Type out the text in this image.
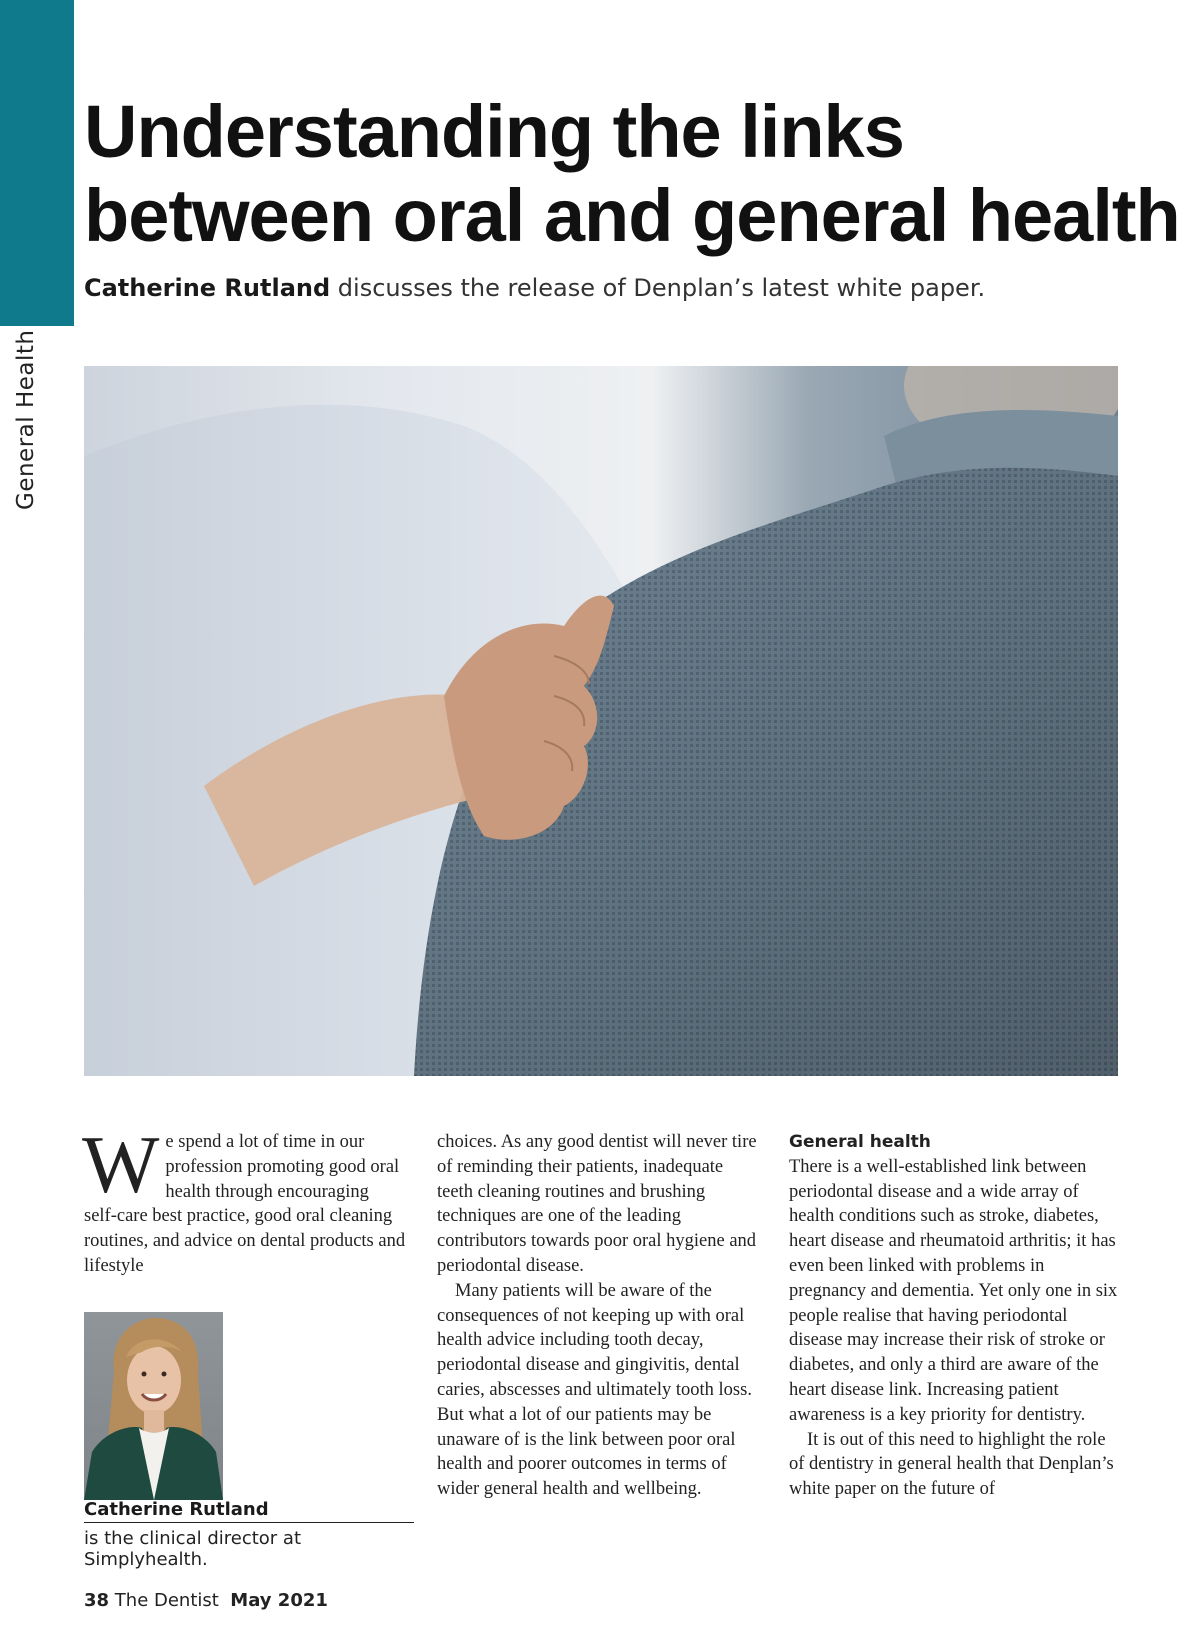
General Health
Understanding the links between oral and general health
Catherine Rutland discusses the release of Denplan’s latest white paper.

We spend a lot of time in our profession promoting good oral health through encouraging self-care best practice, good oral cleaning routines, and advice on dental products and lifestyle

Catherine Rutland
is the clinical director at Simplyhealth.

choices. As any good dentist will never tire of reminding their patients, inadequate teeth cleaning routines and brushing techniques are one of the leading contributors towards poor oral hygiene and periodontal disease.

Many patients will be aware of the consequences of not keeping up with oral health advice including tooth decay, periodontal disease and gingivitis, dental caries, abscesses and ultimately tooth loss. But what a lot of our patients may be unaware of is the link between poor oral health and poorer outcomes in terms of wider general health and wellbeing.

General health

There is a well-established link between periodontal disease and a wide array of health conditions such as stroke, diabetes, heart disease and rheumatoid arthritis; it has even been linked with problems in pregnancy and dementia. Yet only one in six people realise that having periodontal disease may increase their risk of stroke or diabetes, and only a third are aware of the heart disease link. Increasing patient awareness is a key priority for dentistry.

It is out of this need to highlight the role of dentistry in general health that Denplan’s white paper on the future of

38 The Dentist May 2021
